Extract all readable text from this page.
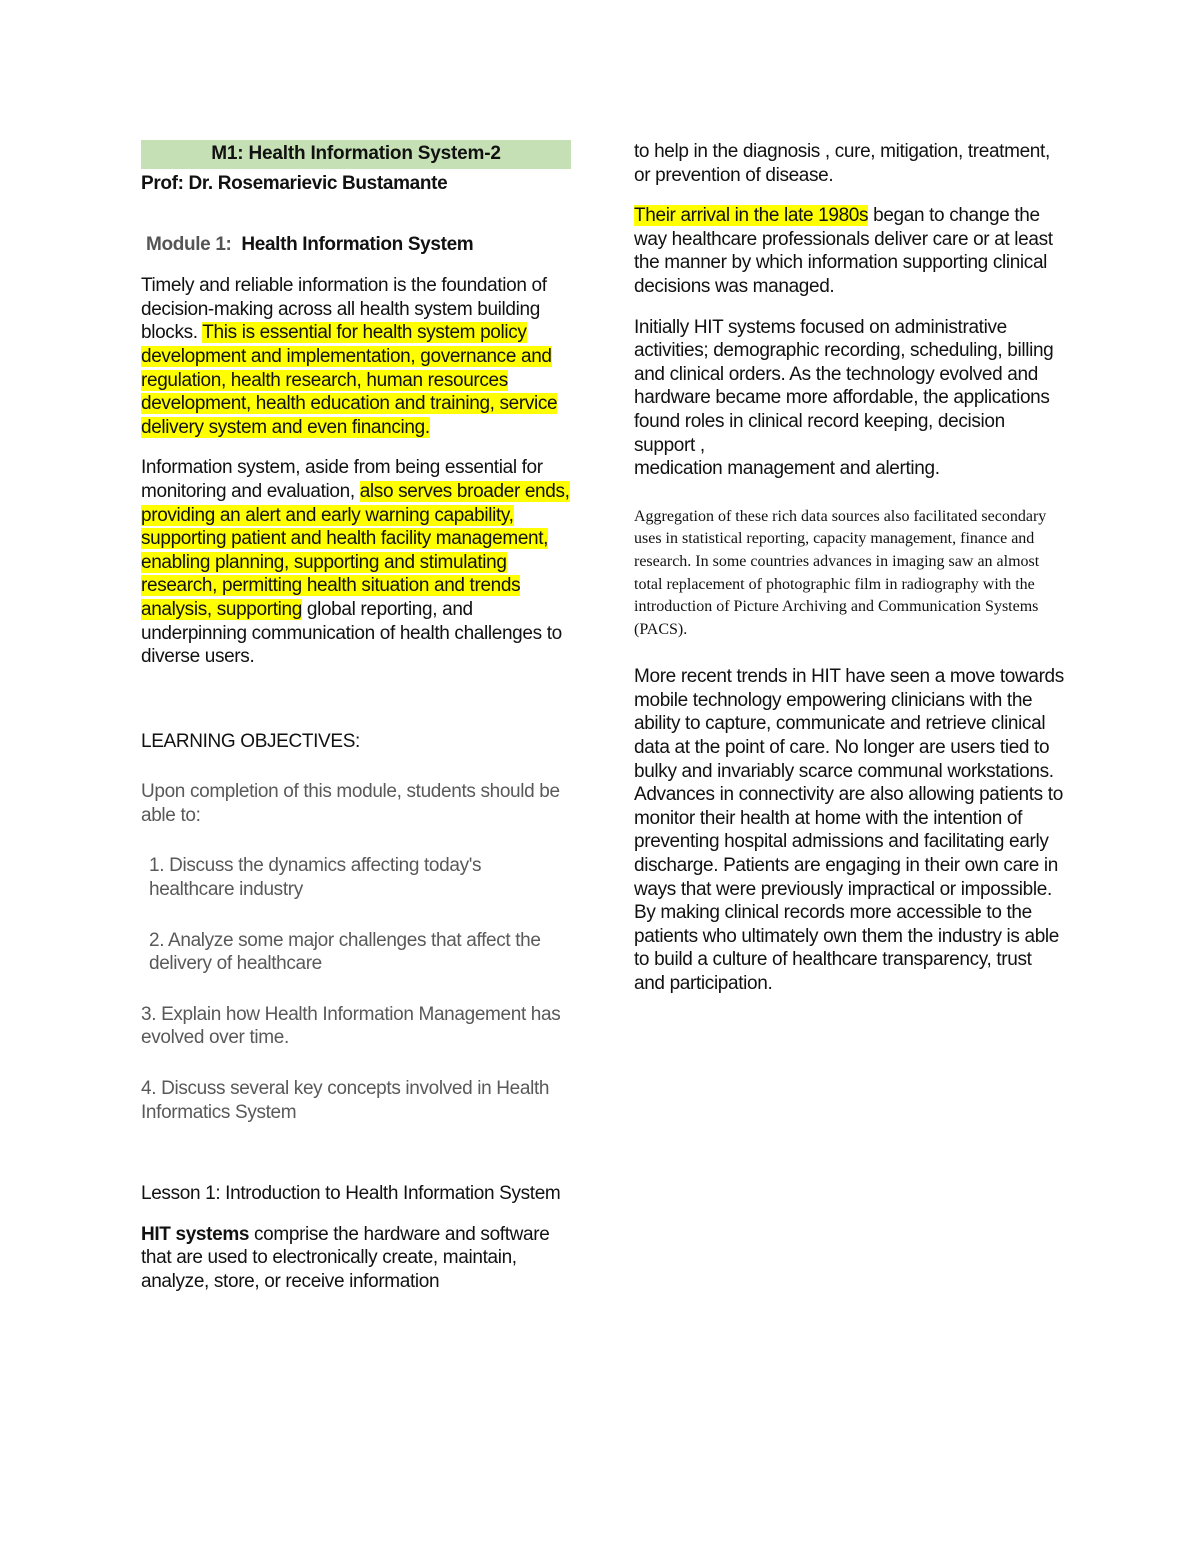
M1: Health Information System-2

Prof: Dr. Rosemarievic Bustamante

Module 1: Health Information System

Timely and reliable information is the foundation of decision-making across all health system building blocks. This is essential for health system policy development and implementation, governance and regulation, health research, human resources development, health education and training, service delivery system and even financing.

Information system, aside from being essential for monitoring and evaluation, also serves broader ends, providing an alert and early warning capability, supporting patient and health facility management, enabling planning, supporting and stimulating research, permitting health situation and trends analysis, supporting global reporting, and underpinning communication of health challenges to diverse users.

LEARNING OBJECTIVES:

Upon completion of this module, students should be able to:

1. Discuss the dynamics affecting today's healthcare industry

2. Analyze some major challenges that affect the delivery of healthcare

3. Explain how Health Information Management has evolved over time.

4. Discuss several key concepts involved in Health Informatics System

Lesson 1: Introduction to Health Information System

HIT systems comprise the hardware and software that are used to electronically create, maintain, analyze, store, or receive information

to help in the diagnosis , cure, mitigation, treatment, or prevention of disease.

Their arrival in the late 1980s began to change the way healthcare professionals deliver care or at least the manner by which information supporting clinical decisions was managed.

Initially HIT systems focused on administrative activities; demographic recording, scheduling, billing and clinical orders. As the technology evolved and hardware became more affordable, the applications found roles in clinical record keeping, decision support ,
medication management and alerting.

Aggregation of these rich data sources also facilitated secondary uses in statistical reporting, capacity management, finance and
research. In some countries advances in imaging saw an almost total replacement of photographic film in radiography with the introduction of Picture Archiving and Communication Systems (PACS).

More recent trends in HIT have seen a move towards mobile technology empowering clinicians with the ability to capture, communicate and retrieve clinical data at the point of care. No longer are users tied to bulky and invariably scarce communal workstations. Advances in connectivity are also allowing patients to monitor their health at home with the intention of preventing hospital admissions and facilitating early discharge. Patients are engaging in their own care in ways that were previously impractical or impossible. By making clinical records more accessible to the patients who ultimately own them the industry is able to build a culture of healthcare transparency, trust and participation.
